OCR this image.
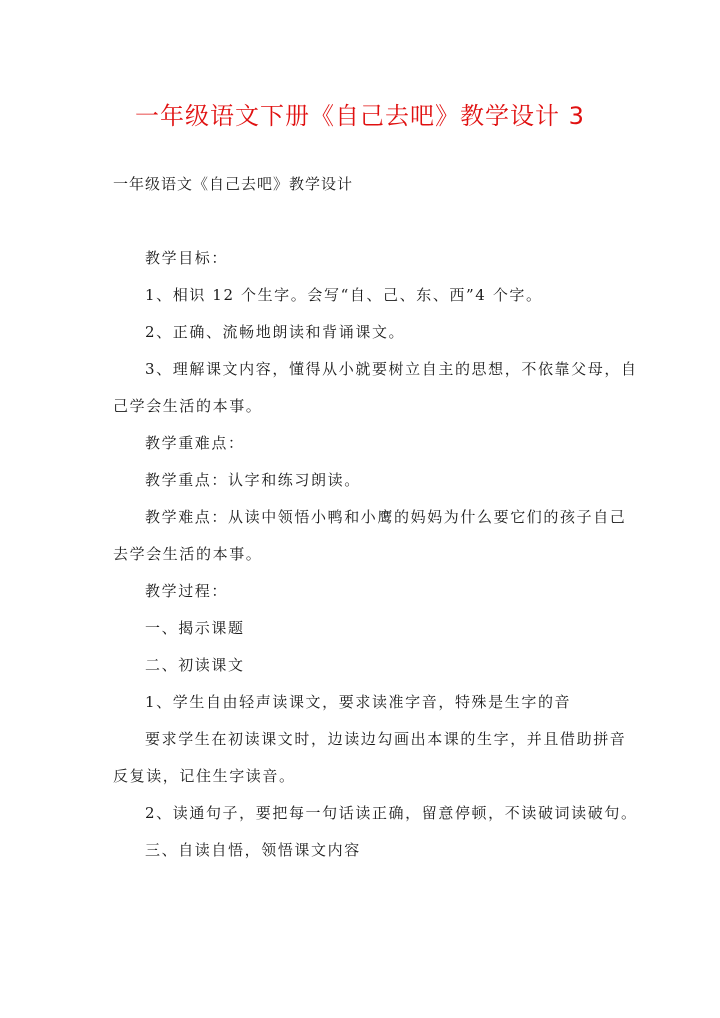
一年级语文下册《自己去吧》教学设计 3
一年级语文《自己去吧》教学设计

教学目标：

1、相识 12 个生字。会写“自、己、东、西”4 个字。

2、正确、流畅地朗读和背诵课文。

3、理解课文内容，懂得从小就要树立自主的思想，不依靠父母，自己学会生活的本事。

教学重难点：

教学重点：认字和练习朗读。

教学难点：从读中领悟小鸭和小鹰的妈妈为什么要它们的孩子自己去学会生活的本事。

教学过程：

一、揭示课题

二、初读课文

1、学生自由轻声读课文，要求读准字音，特殊是生字的音

要求学生在初读课文时，边读边勾画出本课的生字，并且借助拼音反复读，记住生字读音。

2、读通句子，要把每一句话读正确，留意停顿，不读破词读破句。

三、自读自悟，领悟课文内容
